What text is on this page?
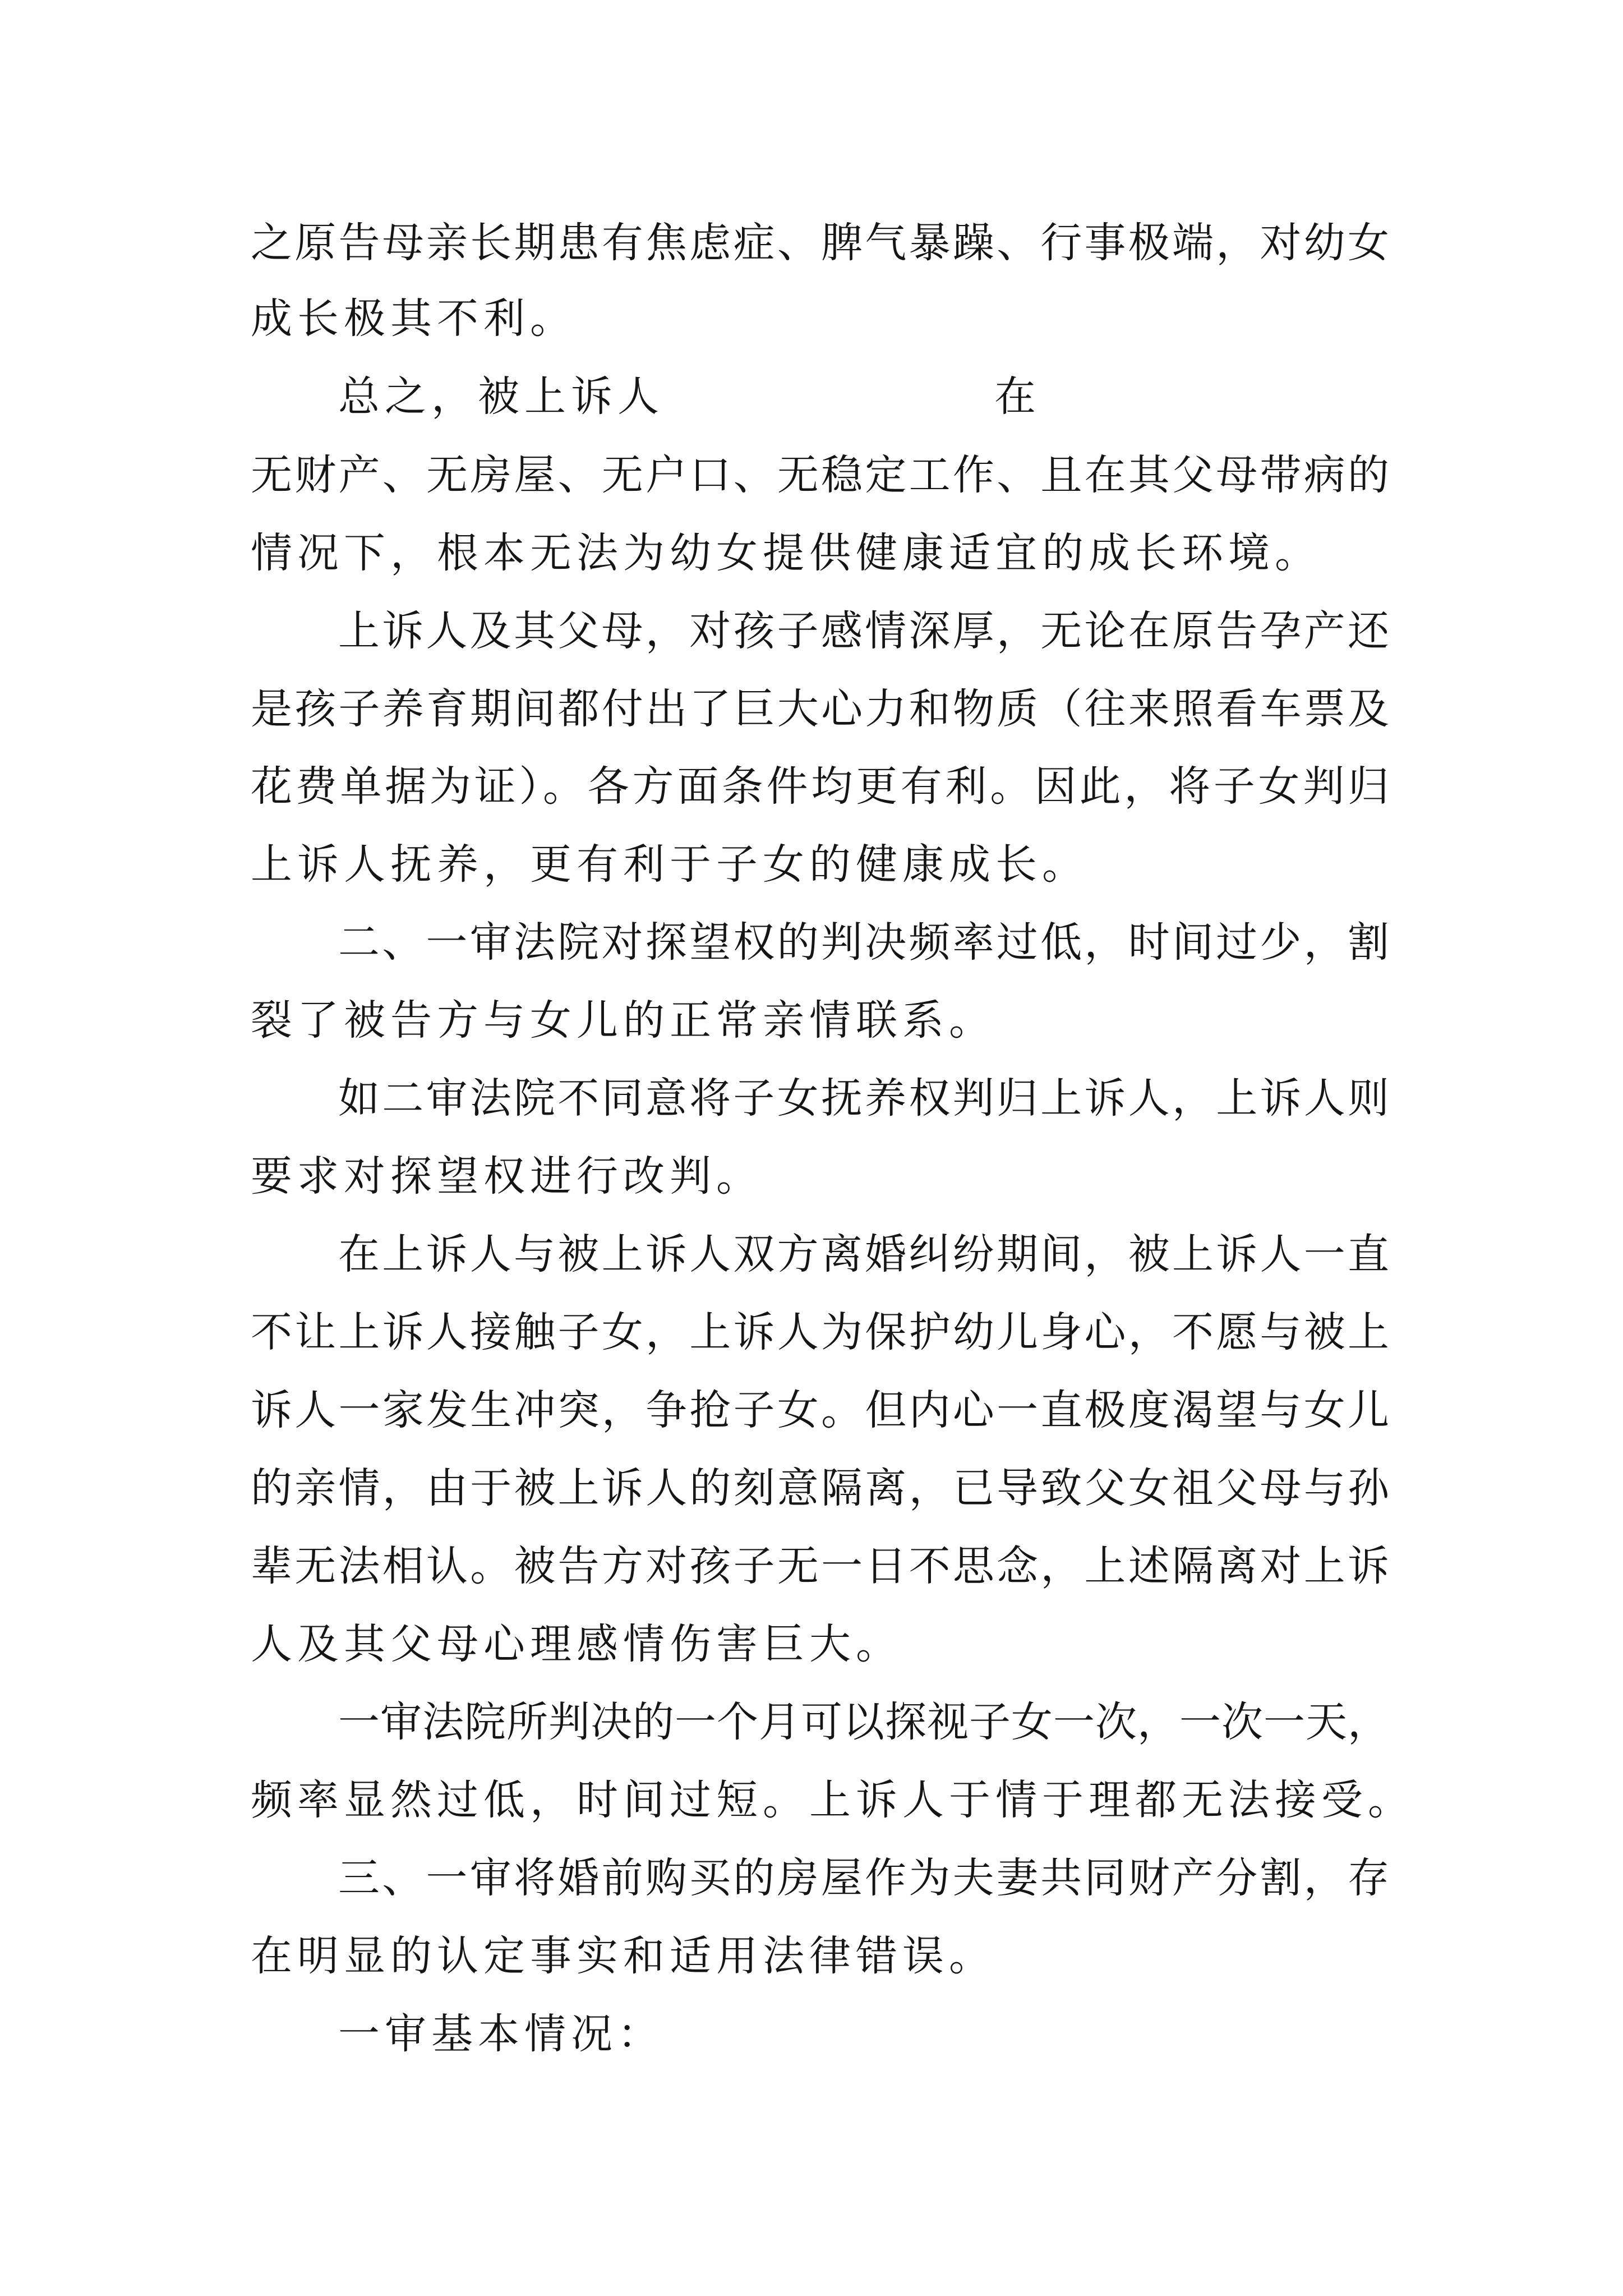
之原告母亲长期患有焦虑症、脾气暴躁、行事极端，对幼女
成长极其不利。
总之，被上诉人	在
无财产、无房屋、无户口、无稳定工作、且在其父母带病的
情况下，根本无法为幼女提供健康适宜的成长环境。
上诉人及其父母，对孩子感情深厚，无论在原告孕产还
是孩子养育期间都付出了巨大心力和物质（往来照看车票及
花费单据为证）。各方面条件均更有利。因此，将子女判归
上诉人抚养，更有利于子女的健康成长。
二、一审法院对探望权的判决频率过低，时间过少，割
裂了被告方与女儿的正常亲情联系。
如二审法院不同意将子女抚养权判归上诉人，上诉人则
要求对探望权进行改判。
在上诉人与被上诉人双方离婚纠纷期间，被上诉人一直
不让上诉人接触子女，上诉人为保护幼儿身心，不愿与被上
诉人一家发生冲突，争抢子女。但内心一直极度渴望与女儿
的亲情，由于被上诉人的刻意隔离，已导致父女祖父母与孙
辈无法相认。被告方对孩子无一日不思念，上述隔离对上诉
人及其父母心理感情伤害巨大。
一审法院所判决的一个月可以探视子女一次，一次一天，
频率显然过低，时间过短。上诉人于情于理都无法接受。
三、一审将婚前购买的房屋作为夫妻共同财产分割，存
在明显的认定事实和适用法律错误。
一审基本情况：
